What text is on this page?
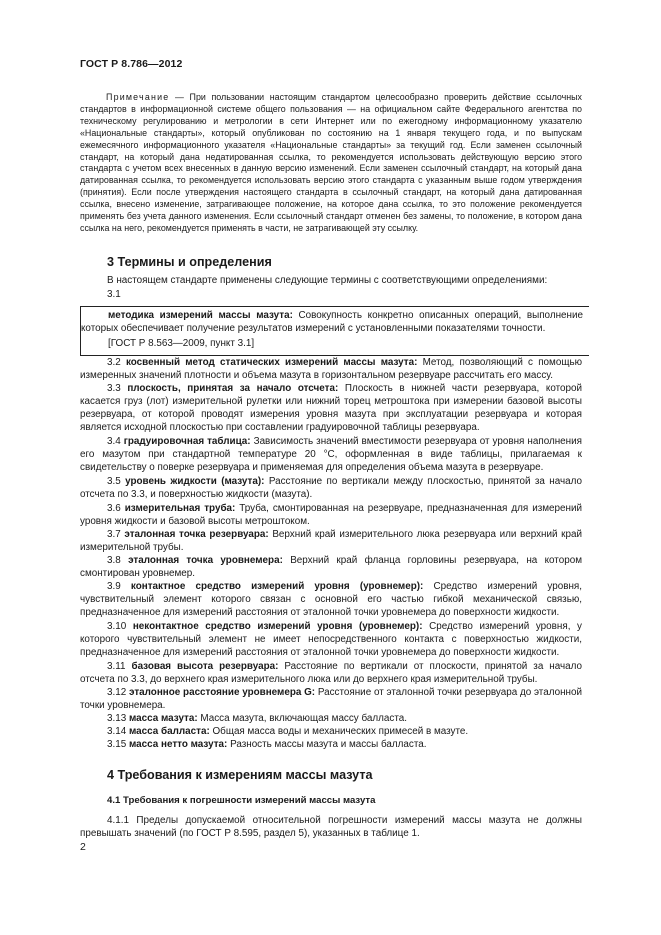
ГОСТ Р 8.786—2012
Примечание — При пользовании настоящим стандартом целесообразно проверить действие ссылочных стандартов в информационной системе общего пользования — на официальном сайте Федерального агентства по техническому регулированию и метрологии в сети Интернет или по ежегодному информационному указателю «Национальные стандарты», который опубликован по состоянию на 1 января текущего года, и по выпускам ежемесячного информационного указателя «Национальные стандарты» за текущий год. Если заменен ссылочный стандарт, на который дана недатированная ссылка, то рекомендуется использовать действующую версию этого стандарта с учетом всех внесенных в данную версию изменений. Если заменен ссылочный стандарт, на который дана датированная ссылка, то рекомендуется использовать версию этого стандарта с указанным выше годом утверждения (принятия). Если после утверждения настоящего стандарта в ссылочный стандарт, на который дана датированная ссылка, внесено изменение, затрагивающее положение, на которое дана ссылка, то это положение рекомендуется применять без учета данного изменения. Если ссылочный стандарт отменен без замены, то положение, в котором дана ссылка на него, рекомендуется применять в части, не затрагивающей эту ссылку.
3 Термины и определения

В настоящем стандарте применены следующие термины с соответствующими определениями:

3.1

методика измерений массы мазута: Совокупность конкретно описанных операций, выполнение которых обеспечивает получение результатов измерений с установленными показателями точности.
[ГОСТ Р 8.563—2009, пункт 3.1]

3.2 косвенный метод статических измерений массы мазута: Метод, позволяющий с помощью измеренных значений плотности и объема мазута в горизонтальном резервуаре рассчитать его массу.

3.3 плоскость, принятая за начало отсчета: Плоскость в нижней части резервуара, которой касается груз (лот) измерительной рулетки или нижний торец метроштока при измерении базовой высоты резервуара, от которой проводят измерения уровня мазута при эксплуатации резервуара и которая является исходной плоскостью при составлении градуировочной таблицы резервуара.

3.4 градуировочная таблица: Зависимость значений вместимости резервуара от уровня наполнения его мазутом при стандартной температуре 20 °С, оформленная в виде таблицы, прилагаемая к свидетельству о поверке резервуара и применяемая для определения объема мазута в резервуаре.

3.5 уровень жидкости (мазута): Расстояние по вертикали между плоскостью, принятой за начало отсчета по 3.3, и поверхностью жидкости (мазута).

3.6 измерительная труба: Труба, смонтированная на резервуаре, предназначенная для измерений уровня жидкости и базовой высоты метроштоком.

3.7 эталонная точка резервуара: Верхний край измерительного люка резервуара или верхний край измерительной трубы.

3.8 эталонная точка уровнемера: Верхний край фланца горловины резервуара, на котором смонтирован уровнемер.

3.9 контактное средство измерений уровня (уровнемер): Средство измерений уровня, чувствительный элемент которого связан с основной его частью гибкой механической связью, предназначенное для измерений расстояния от эталонной точки уровнемера до поверхности жидкости.

3.10 неконтактное средство измерений уровня (уровнемер): Средство измерений уровня, у которого чувствительный элемент не имеет непосредственного контакта с поверхностью жидкости, предназначенное для измерений расстояния от эталонной точки уровнемера до поверхности жидкости.

3.11 базовая высота резервуара: Расстояние по вертикали от плоскости, принятой за начало отсчета по 3.3, до верхнего края измерительного люка или до верхнего края измерительной трубы.

3.12 эталонное расстояние уровнемера G: Расстояние от эталонной точки резервуара до эталонной точки уровнемера.

3.13 масса мазута: Масса мазута, включающая массу балласта.

3.14 масса балласта: Общая масса воды и механических примесей в мазуте.

3.15 масса нетто мазута: Разность массы мазута и массы балласта.

4 Требования к измерениям массы мазута
4.1 Требования к погрешности измерений массы мазута

4.1.1 Пределы допускаемой относительной погрешности измерений массы мазута не должны превышать значений (по ГОСТ Р 8.595, раздел 5), указанных в таблице 1.

2
